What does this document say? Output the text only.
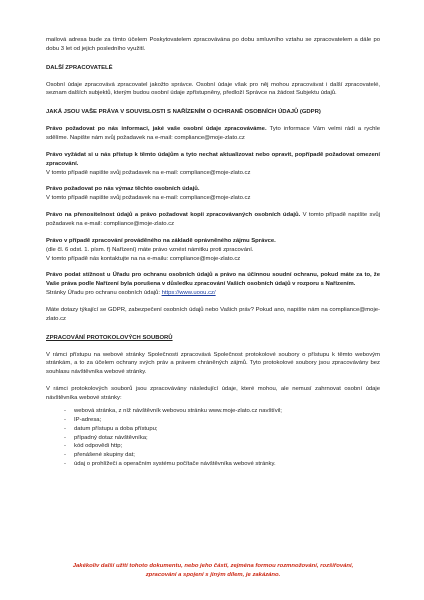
mailová adresa bude za tímto účelem Poskytovatelem zpracovávána po dobu smluvního vztahu se zpracovatelem a dále po dobu 3 let od jejich posledního využití.

DALŠÍ ZPRACOVATELÉ

Osobní údaje zpracovává zpracovatel jakožto správce. Osobní údaje však pro něj mohou zpracovávat i další zpracovatelé, seznam dalších subjektů, kterým budou osobní údaje zpřístupněny, předloží Správce na žádost Subjektu údajů.

JAKÁ JSOU VAŠE PRÁVA V SOUVISLOSTI S NAŘÍZENÍM O OCHRANĚ OSOBNÍCH ÚDAJŮ (GDPR)

Právo požadovat po nás informaci, jaké vaše osobní údaje zpracováváme. Tyto informace Vám velmi rádi a rychle sdělíme. Napište nám svůj požadavek na e-mail: compliance@moje-zlato.cz

Právo vyžádat si u nás přístup k těmto údajům a tyto nechat aktualizovat nebo opravit, popřípadě požadovat omezení zpracování.
V tomto případě napište svůj požadavek na e-mail: compliance@moje-zlato.cz

Právo požadovat po nás výmaz těchto osobních údajů.
V tomto případě napište svůj požadavek na e-mail: compliance@moje-zlato.cz

Právo na přenositelnost údajů a právo požadovat kopii zpracovávaných osobních údajů. V tomto případě napište svůj požadavek na e-mail: compliance@moje-zlato.cz

Právo v případě zpracování prováděného na základě oprávněného zájmu Správce.
(dle čl. 6 odst. 1. písm. f) Nařízení) máte právo vznést námitku proti zpracování.
V tomto případě nás kontaktujte na na e-mailu: compliance@moje-zlato.cz

Právo podat stížnost u Úřadu pro ochranu osobních údajů a právo na účinnou soudní ochranu, pokud máte za to, že Vaše práva podle Nařízení byla porušena v důsledku zpracování Vašich osobních údajů v rozporu s Nařízením.
Stránky Úřadu pro ochranu osobních údajů: https://www.uoou.cz/

Máte dotazy týkající se GDPR, zabezpečení osobních údajů nebo Vašich práv? Pokud ano, napište nám na compliance@moje-zlato.cz

ZPRACOVÁNÍ PROTOKOLOVÝCH SOUBORŮ

V rámci přístupu na webové stránky Společnosti zpracovává Společnost protokolové soubory o přístupu k těmto webovým stránkám, a to za účelem ochrany svých práv a právem chráněných zájmů. Tyto protokolové soubory jsou zpracovávány bez souhlasu návštěvníka webové stránky.

V rámci protokolových souborů jsou zpracovávány následující údaje, které mohou, ale nemusí zahrnovat osobní údaje návštěvníka webové stránky:

- webová stránka, z níž návštěvník webovou stránku www.moje-zlato.cz navštívil;
- IP-adresa;
- datum přístupu a doba přístupu;
- případný dotaz návštěvníka;
- kód odpovědi http;
- přenášené skupiny dat;
- údaj o prohlížeči a operačním systému počítače návštěvníka webové stránky.
Jakékoliv další užití tohoto dokumentu, nebo jeho části, zejména formou rozmnožování, rozšiřování,
zpracování a spojení s jiným dílem, je zakázáno.
